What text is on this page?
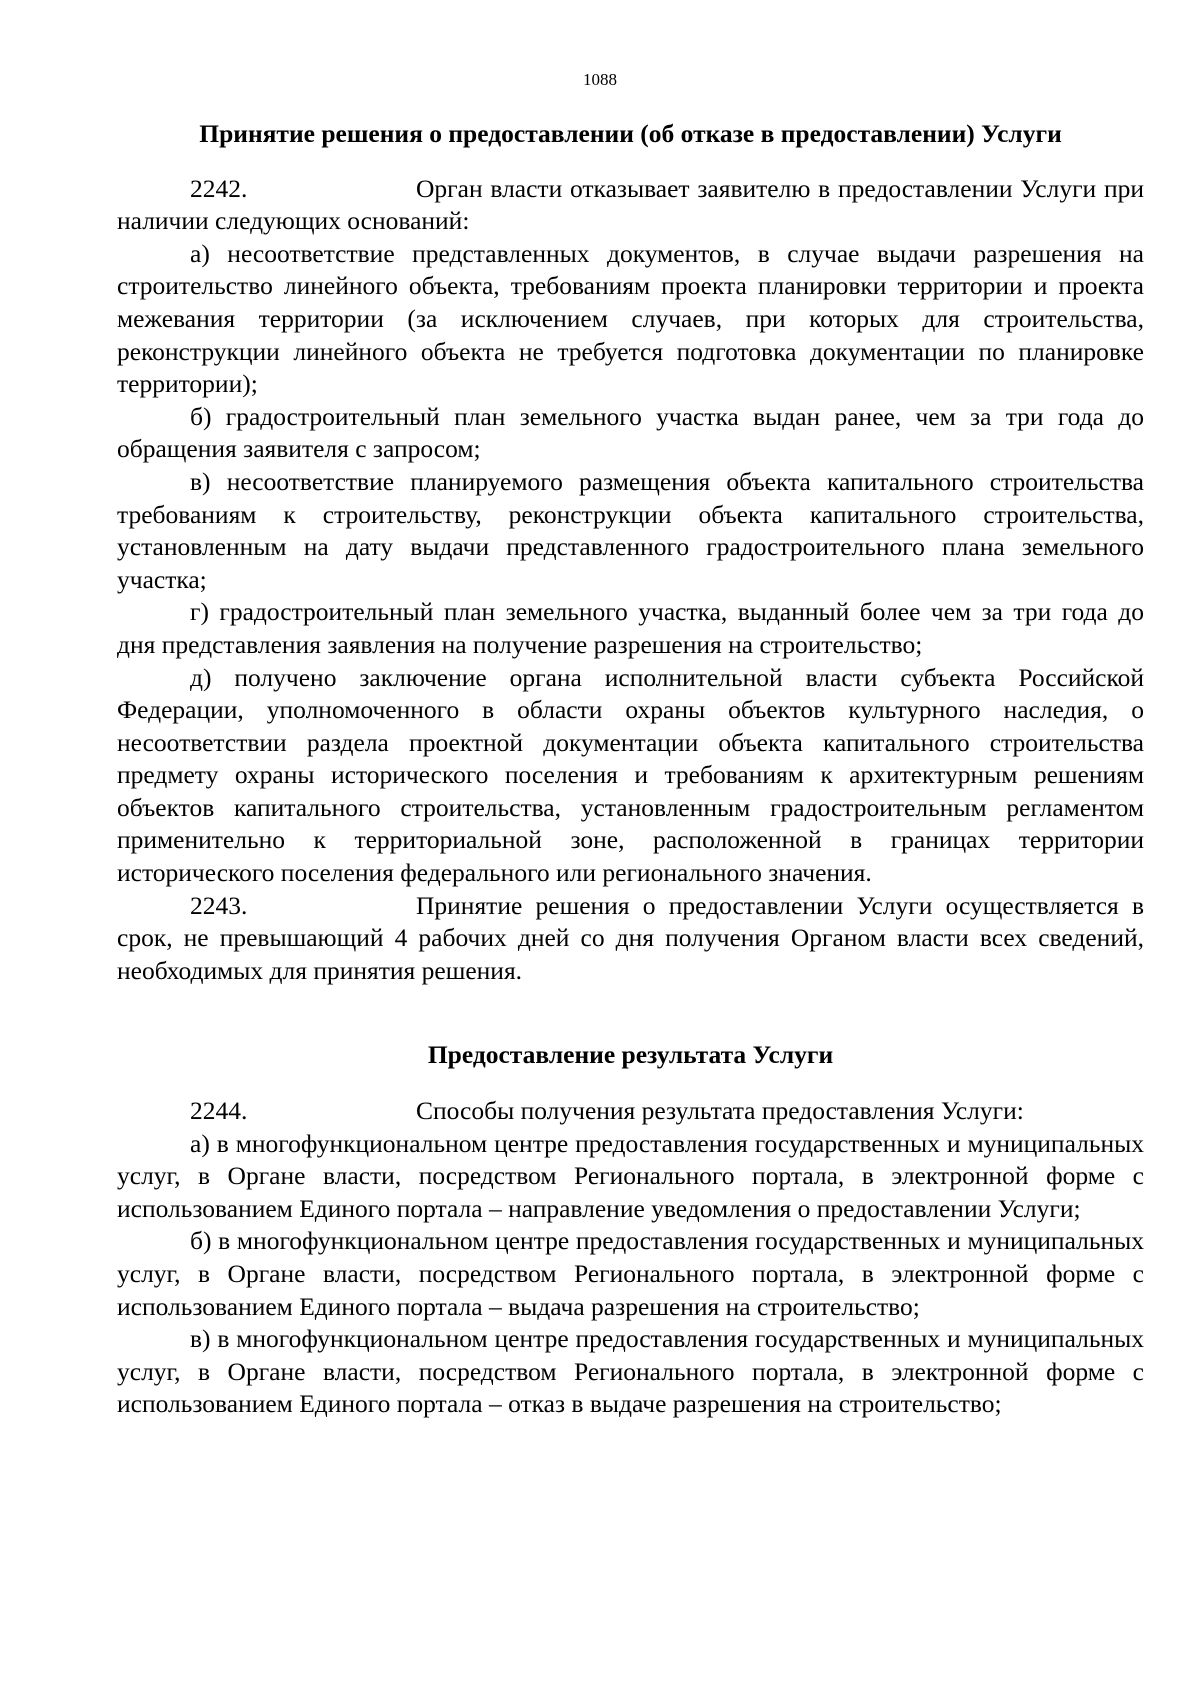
1088

Принятие решения о предоставлении (об отказе в предоставлении) Услуги

2242.	Орган власти отказывает заявителю в предоставлении Услуги при наличии следующих оснований:

а) несоответствие представленных документов, в случае выдачи разрешения на строительство линейного объекта, требованиям проекта планировки территории и проекта межевания территории (за исключением случаев, при которых для строительства, реконструкции линейного объекта не требуется подготовка документации по планировке территории);

б) градостроительный план земельного участка выдан ранее, чем за три года до обращения заявителя с запросом;

в) несоответствие планируемого размещения объекта капитального строительства требованиям к строительству, реконструкции объекта капитального строительства, установленным на дату выдачи представленного градостроительного плана земельного участка;

г) градостроительный план земельного участка, выданный более чем за три года до дня представления заявления на получение разрешения на строительство;

д) получено заключение органа исполнительной власти субъекта Российской Федерации, уполномоченного в области охраны объектов культурного наследия, о несоответствии раздела проектной документации объекта капитального строительства предмету охраны исторического поселения и требованиям к архитектурным решениям объектов капитального строительства, установленным градостроительным регламентом применительно к территориальной зоне, расположенной в границах территории исторического поселения федерального или регионального значения.

2243.	Принятие решения о предоставлении Услуги осуществляется в срок, не превышающий 4 рабочих дней со дня получения Органом власти всех сведений, необходимых для принятия решения.

Предоставление результата Услуги

2244.	Способы получения результата предоставления Услуги:

а) в многофункциональном центре предоставления государственных и муниципальных услуг, в Органе власти, посредством Регионального портала, в электронной форме с использованием Единого портала – направление уведомления о предоставлении Услуги;

б) в многофункциональном центре предоставления государственных и муниципальных услуг, в Органе власти, посредством Регионального портала, в электронной форме с использованием Единого портала – выдача разрешения на строительство;

в) в многофункциональном центре предоставления государственных и муниципальных услуг, в Органе власти, посредством Регионального портала, в электронной форме с использованием Единого портала – отказ в выдаче разрешения на строительство;
